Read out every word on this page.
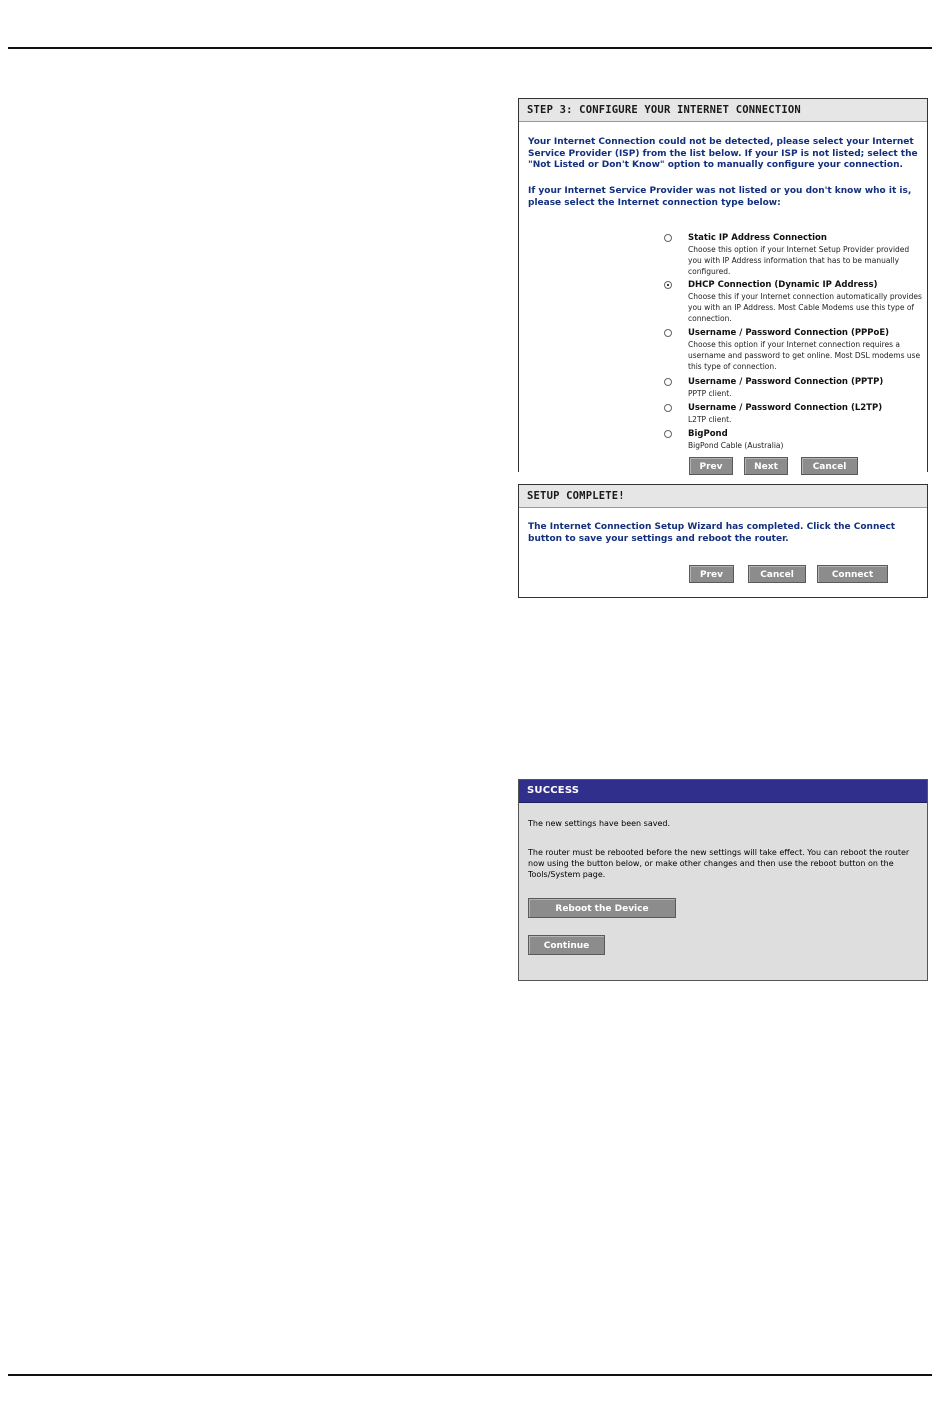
STEP 3: CONFIGURE YOUR INTERNET CONNECTION
Your Internet Connection could not be detected, please select your Internet Service Provider (ISP) from the list below. If your ISP is not listed; select the "Not Listed or Don't Know" option to manually configure your connection.
If your Internet Service Provider was not listed or you don't know who it is, please select the Internet connection type below:
Static IP Address Connection
Choose this option if your Internet Setup Provider provided you with IP Address information that has to be manually configured.
DHCP Connection (Dynamic IP Address)
Choose this if your Internet connection automatically provides you with an IP Address. Most Cable Modems use this type of connection.
Username / Password Connection (PPPoE)
Choose this option if your Internet connection requires a username and password to get online. Most DSL modems use this type of connection.
Username / Password Connection (PPTP)
PPTP client.
Username / Password Connection (L2TP)
L2TP client.
BigPond
BigPond Cable (Australia)
Prev	Next	Cancel
SETUP COMPLETE!
The Internet Connection Setup Wizard has completed. Click the Connect button to save your settings and reboot the router.
Prev	Cancel	Connect
SUCCESS
The new settings have been saved.
The router must be rebooted before the new settings will take effect. You can reboot the router now using the button below, or make other changes and then use the reboot button on the Tools/System page.
Reboot the Device
Continue
